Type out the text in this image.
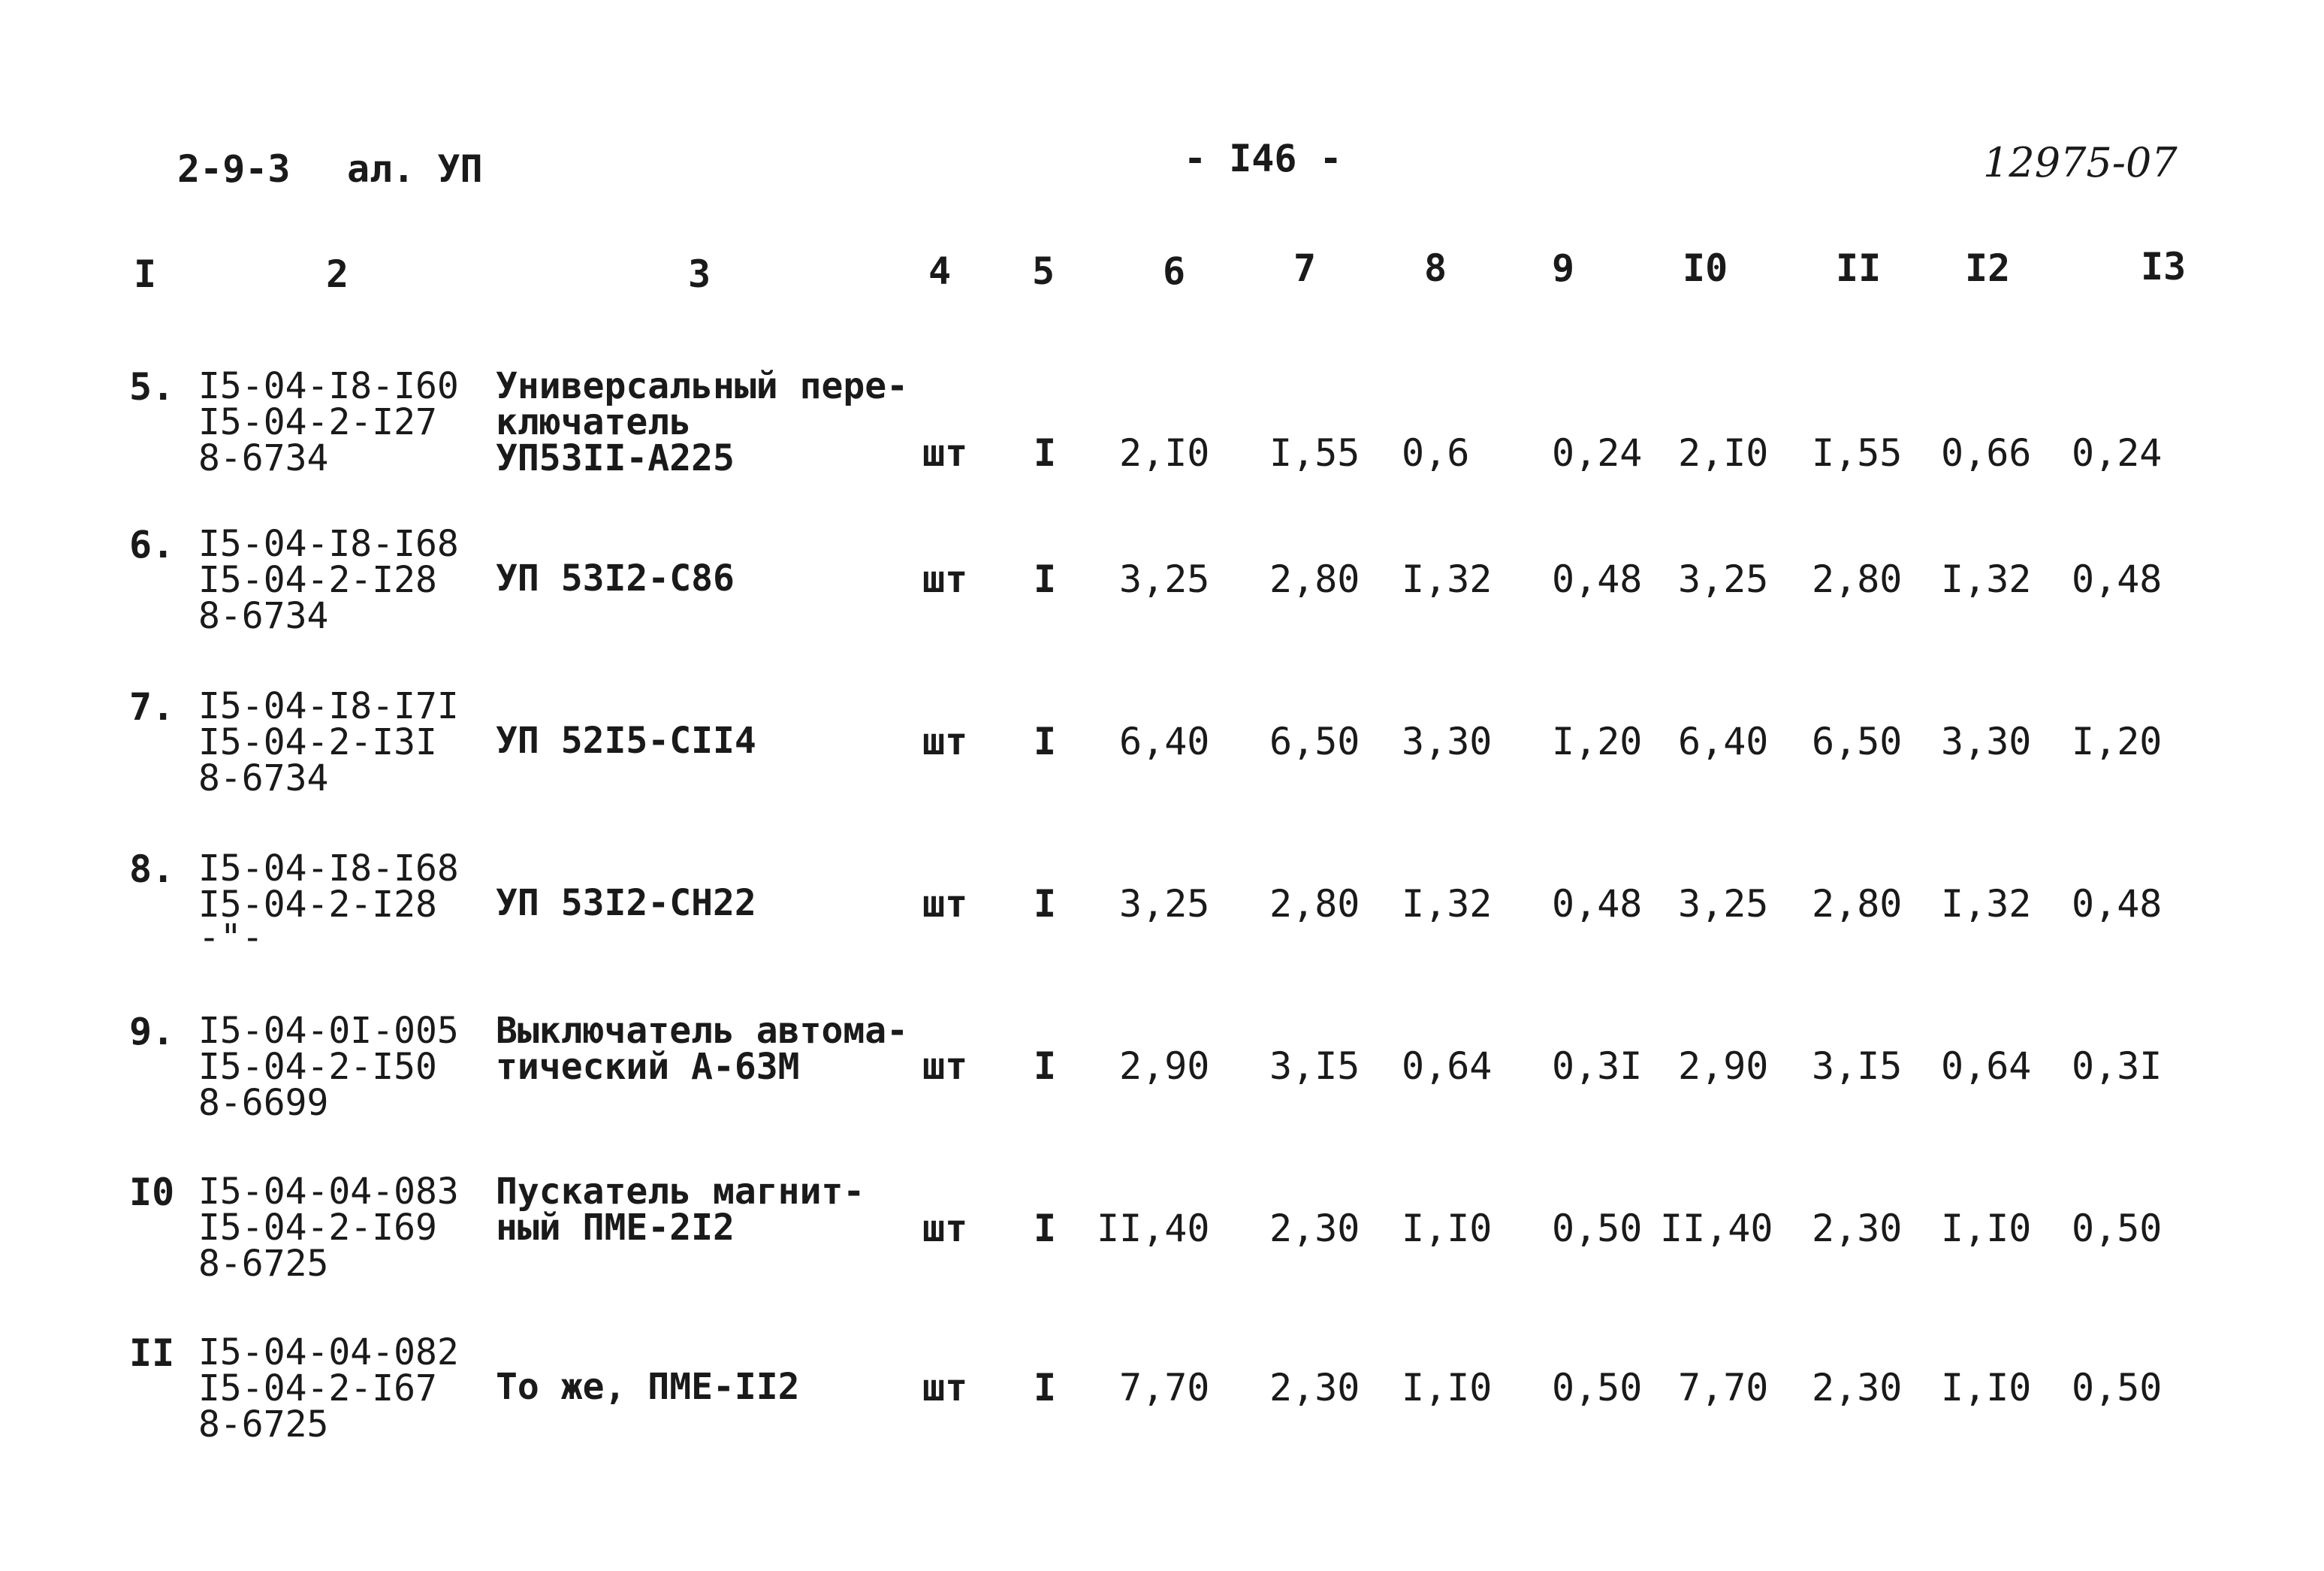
2-9-3 ал. УП	- I46 -	12975-07
I	2	3	4 5	6	7	8	9	I0	II I2	I3
5. I5-04-I8-I60
I5-04-2-I27
8-6734
Универсальный пере-
ключатель
УП53II-А225	шт I 2,I0 I,55 0,6 0,24 2,I0 I,55 0,66 0,24
6. I5-04-I8-I68
I5-04-2-I28
8-6734
УП 53I2-С86	шт I 3,25 2,80 I,32 0,48 3,25 2,80 I,32 0,48
7. I5-04-I8-I7I
I5-04-2-I3I
8-6734
УП 52I5-СII4	шт I 6,40 6,50 3,30 I,20 6,40 6,50 3,30 I,20
8. I5-04-I8-I68
I5-04-2-I28
-"-
УП 53I2-СН22	шт I 3,25 2,80 I,32 0,48 3,25 2,80 I,32 0,48
9. I5-04-0I-005
I5-04-2-I50
8-6699
Выключатель автома-
тический А-63М	шт I 2,90 3,I5 0,64 0,3I 2,90 3,I5 0,64 0,3I
I0 I5-04-04-083
I5-04-2-I69
8-6725
Пускатель магнит-
ный ПМЕ-2I2	шт I II,40 2,30 I,I0 0,50 II,40 2,30 I,I0 0,50
II I5-04-04-082
I5-04-2-I67
8-6725
То же, ПМЕ-II2	шт I 7,70 2,30 I,I0 0,50 7,70 2,30 I,I0 0,50
